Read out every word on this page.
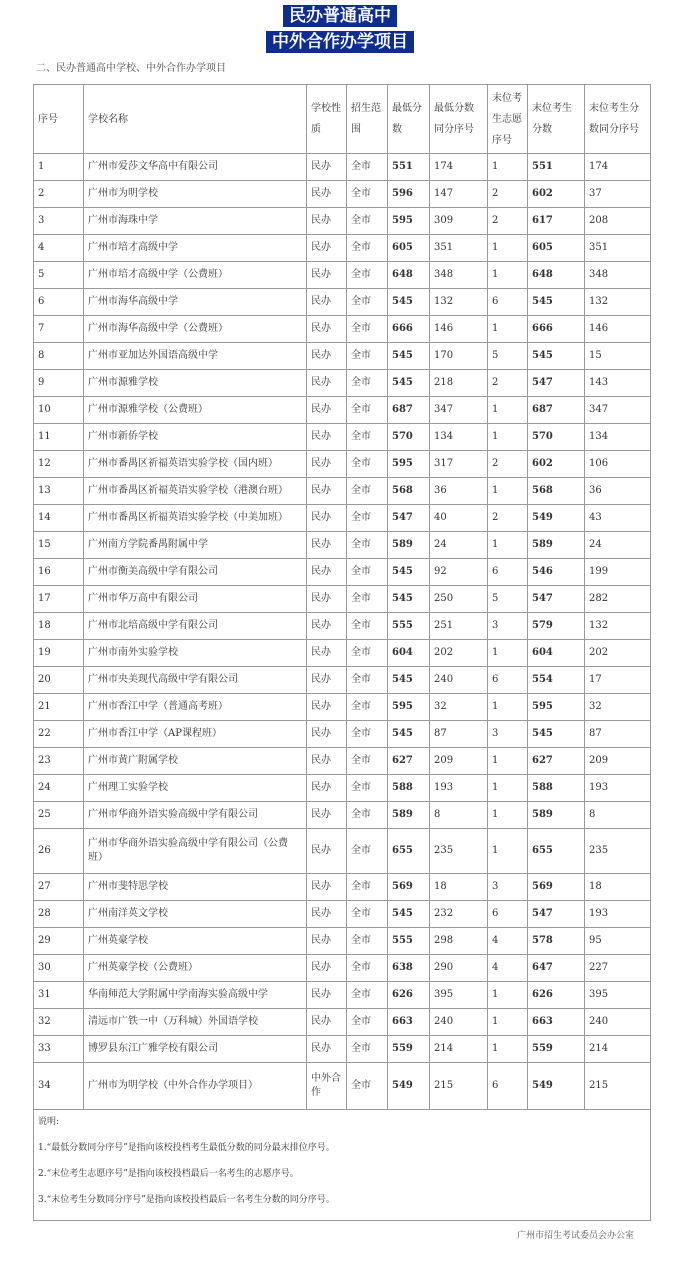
民办普通高中
中外合作办学项目
二、民办普通高中学校、中外合作办学项目
序号	学校名称	学校性质	招生范围	最低分数	最低分数同分序号	末位考生志愿序号	末位考生分数	末位考生分数同分序号
1	广州市爱莎文华高中有限公司	民办	全市	551	174	1	551	174
2	广州市为明学校	民办	全市	596	147	2	602	37
3	广州市海珠中学	民办	全市	595	309	2	617	208
4	广州市培才高级中学	民办	全市	605	351	1	605	351
5	广州市培才高级中学（公费班）	民办	全市	648	348	1	648	348
6	广州市海华高级中学	民办	全市	545	132	6	545	132
7	广州市海华高级中学（公费班）	民办	全市	666	146	1	666	146
8	广州市亚加达外国语高级中学	民办	全市	545	170	5	545	15
9	广州市源雅学校	民办	全市	545	218	2	547	143
10	广州市源雅学校（公费班）	民办	全市	687	347	1	687	347
11	广州市新侨学校	民办	全市	570	134	1	570	134
12	广州市番禺区祈福英语实验学校（国内班）	民办	全市	595	317	2	602	106
13	广州市番禺区祈福英语实验学校（港澳台班）	民办	全市	568	36	1	568	36
14	广州市番禺区祈福英语实验学校（中美加班）	民办	全市	547	40	2	549	43
15	广州南方学院番禺附属中学	民办	全市	589	24	1	589	24
16	广州市衡美高级中学有限公司	民办	全市	545	92	6	546	199
17	广州市华万高中有限公司	民办	全市	545	250	5	547	282
18	广州市北培高级中学有限公司	民办	全市	555	251	3	579	132
19	广州市南外实验学校	民办	全市	604	202	1	604	202
20	广州市央美现代高级中学有限公司	民办	全市	545	240	6	554	17
21	广州市香江中学（普通高考班）	民办	全市	595	32	1	595	32
22	广州市香江中学（AP课程班）	民办	全市	545	87	3	545	87
23	广州市黄广附属学校	民办	全市	627	209	1	627	209
24	广州理工实验学校	民办	全市	588	193	1	588	193
25	广州市华商外语实验高级中学有限公司	民办	全市	589	8	1	589	8
26	广州市华商外语实验高级中学有限公司（公费班）	民办	全市	655	235	1	655	235
27	广州市斐特思学校	民办	全市	569	18	3	569	18
28	广州南洋英文学校	民办	全市	545	232	6	547	193
29	广州英豪学校	民办	全市	555	298	4	578	95
30	广州英豪学校（公费班）	民办	全市	638	290	4	647	227
31	华南师范大学附属中学南海实验高级中学	民办	全市	626	395	1	626	395
32	清远市广铁一中（万科城）外国语学校	民办	全市	663	240	1	663	240
33	博罗县东江广雅学校有限公司	民办	全市	559	214	1	559	214
34	广州市为明学校（中外合作办学项目）	中外合作	全市	549	215	6	549	215

说明:
1.“最低分数同分序号”是指向该校投档考生最低分数的同分最末排位序号。
2.“末位考生志愿序号”是指向该校投档最后一名考生的志愿序号。
3.“末位考生分数同分序号”是指向该校投档最后一名考生分数的同分序号。								
广州市招生考试委员会办公室
